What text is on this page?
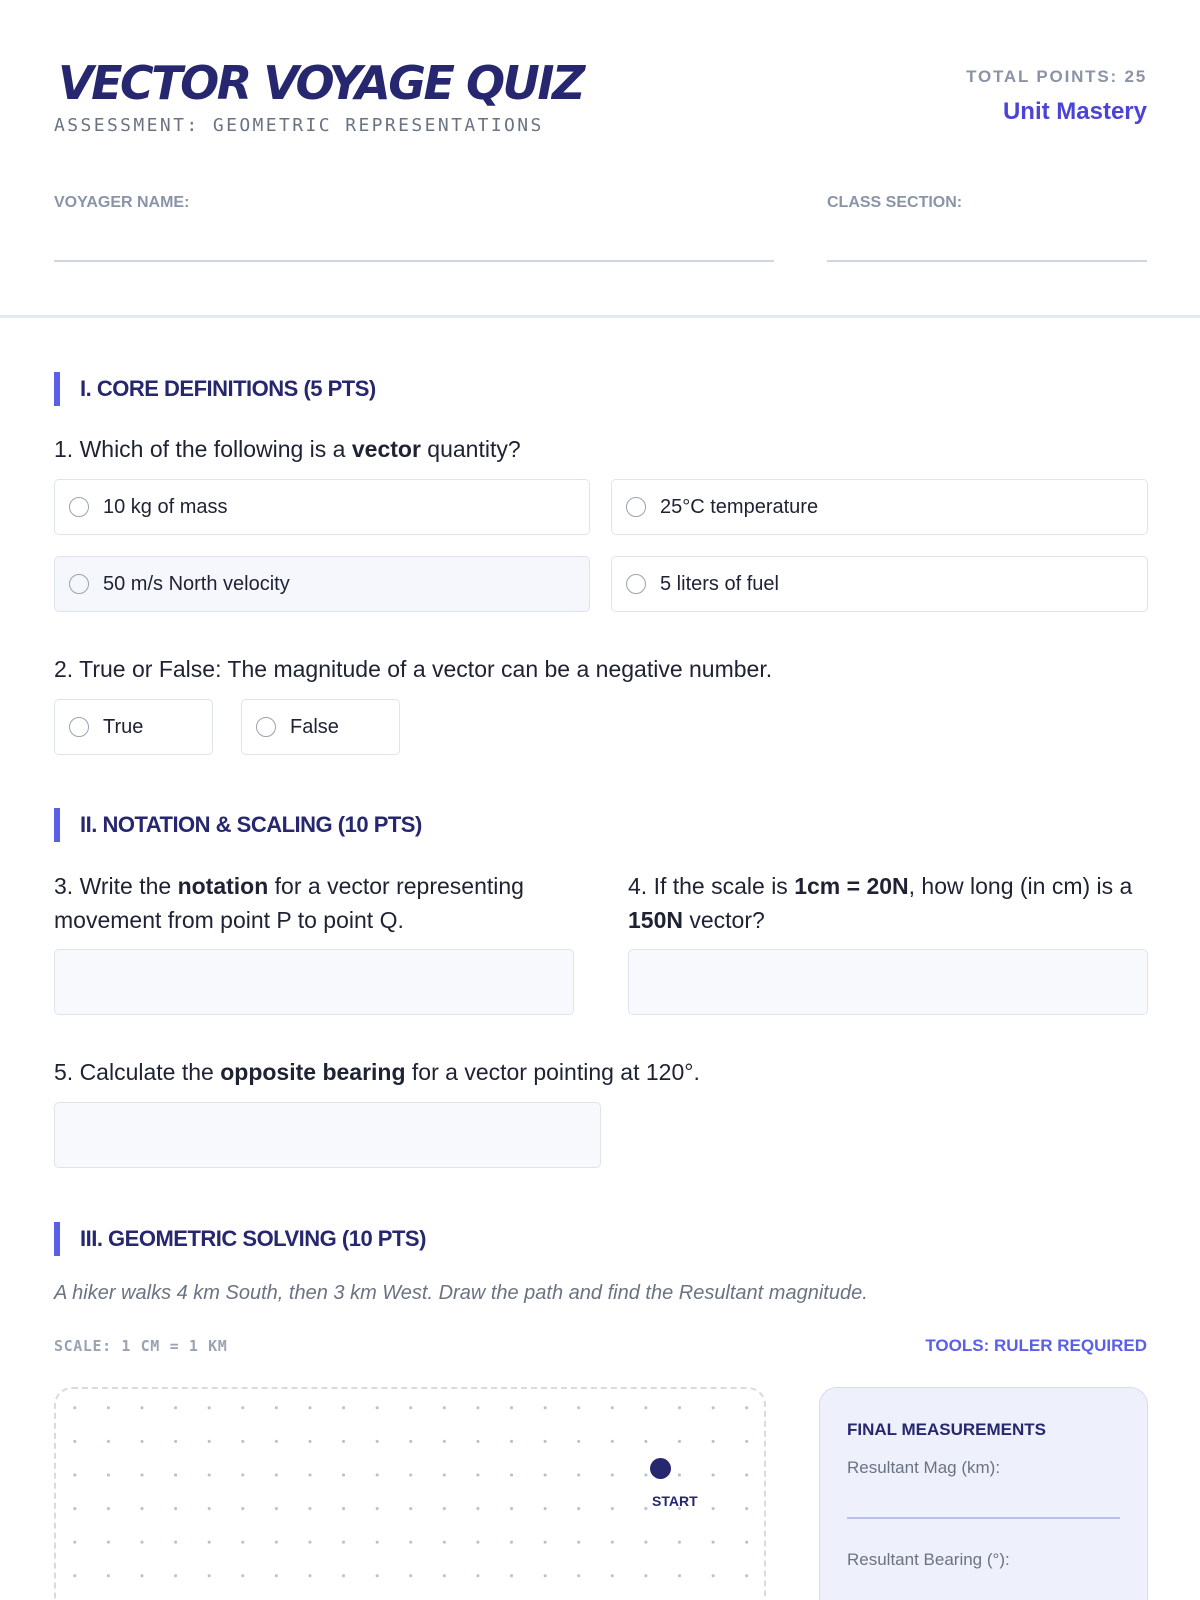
VECTOR VOYAGE QUIZ
ASSESSMENT: GEOMETRIC REPRESENTATIONS
TOTAL POINTS: 25
Unit Mastery
VOYAGER NAME:	CLASS SECTION:
I. CORE DEFINITIONS (5 PTS)
1. Which of the following is a vector quantity?
10 kg of mass	25°C temperature
50 m/s North velocity	5 liters of fuel
2. True or False: The magnitude of a vector can be a negative number.
True	False
II. NOTATION & SCALING (10 PTS)
3. Write the notation for a vector representing movement from point P to point Q.
4. If the scale is 1cm = 20N, how long (in cm) is a 150N vector?
5. Calculate the opposite bearing for a vector pointing at 120°.
III. GEOMETRIC SOLVING (10 PTS)
A hiker walks 4 km South, then 3 km West. Draw the path and find the Resultant magnitude.
SCALE: 1 CM = 1 KM	TOOLS: RULER REQUIRED
START
FINAL MEASUREMENTS
Resultant Mag (km):
Resultant Bearing (°):
